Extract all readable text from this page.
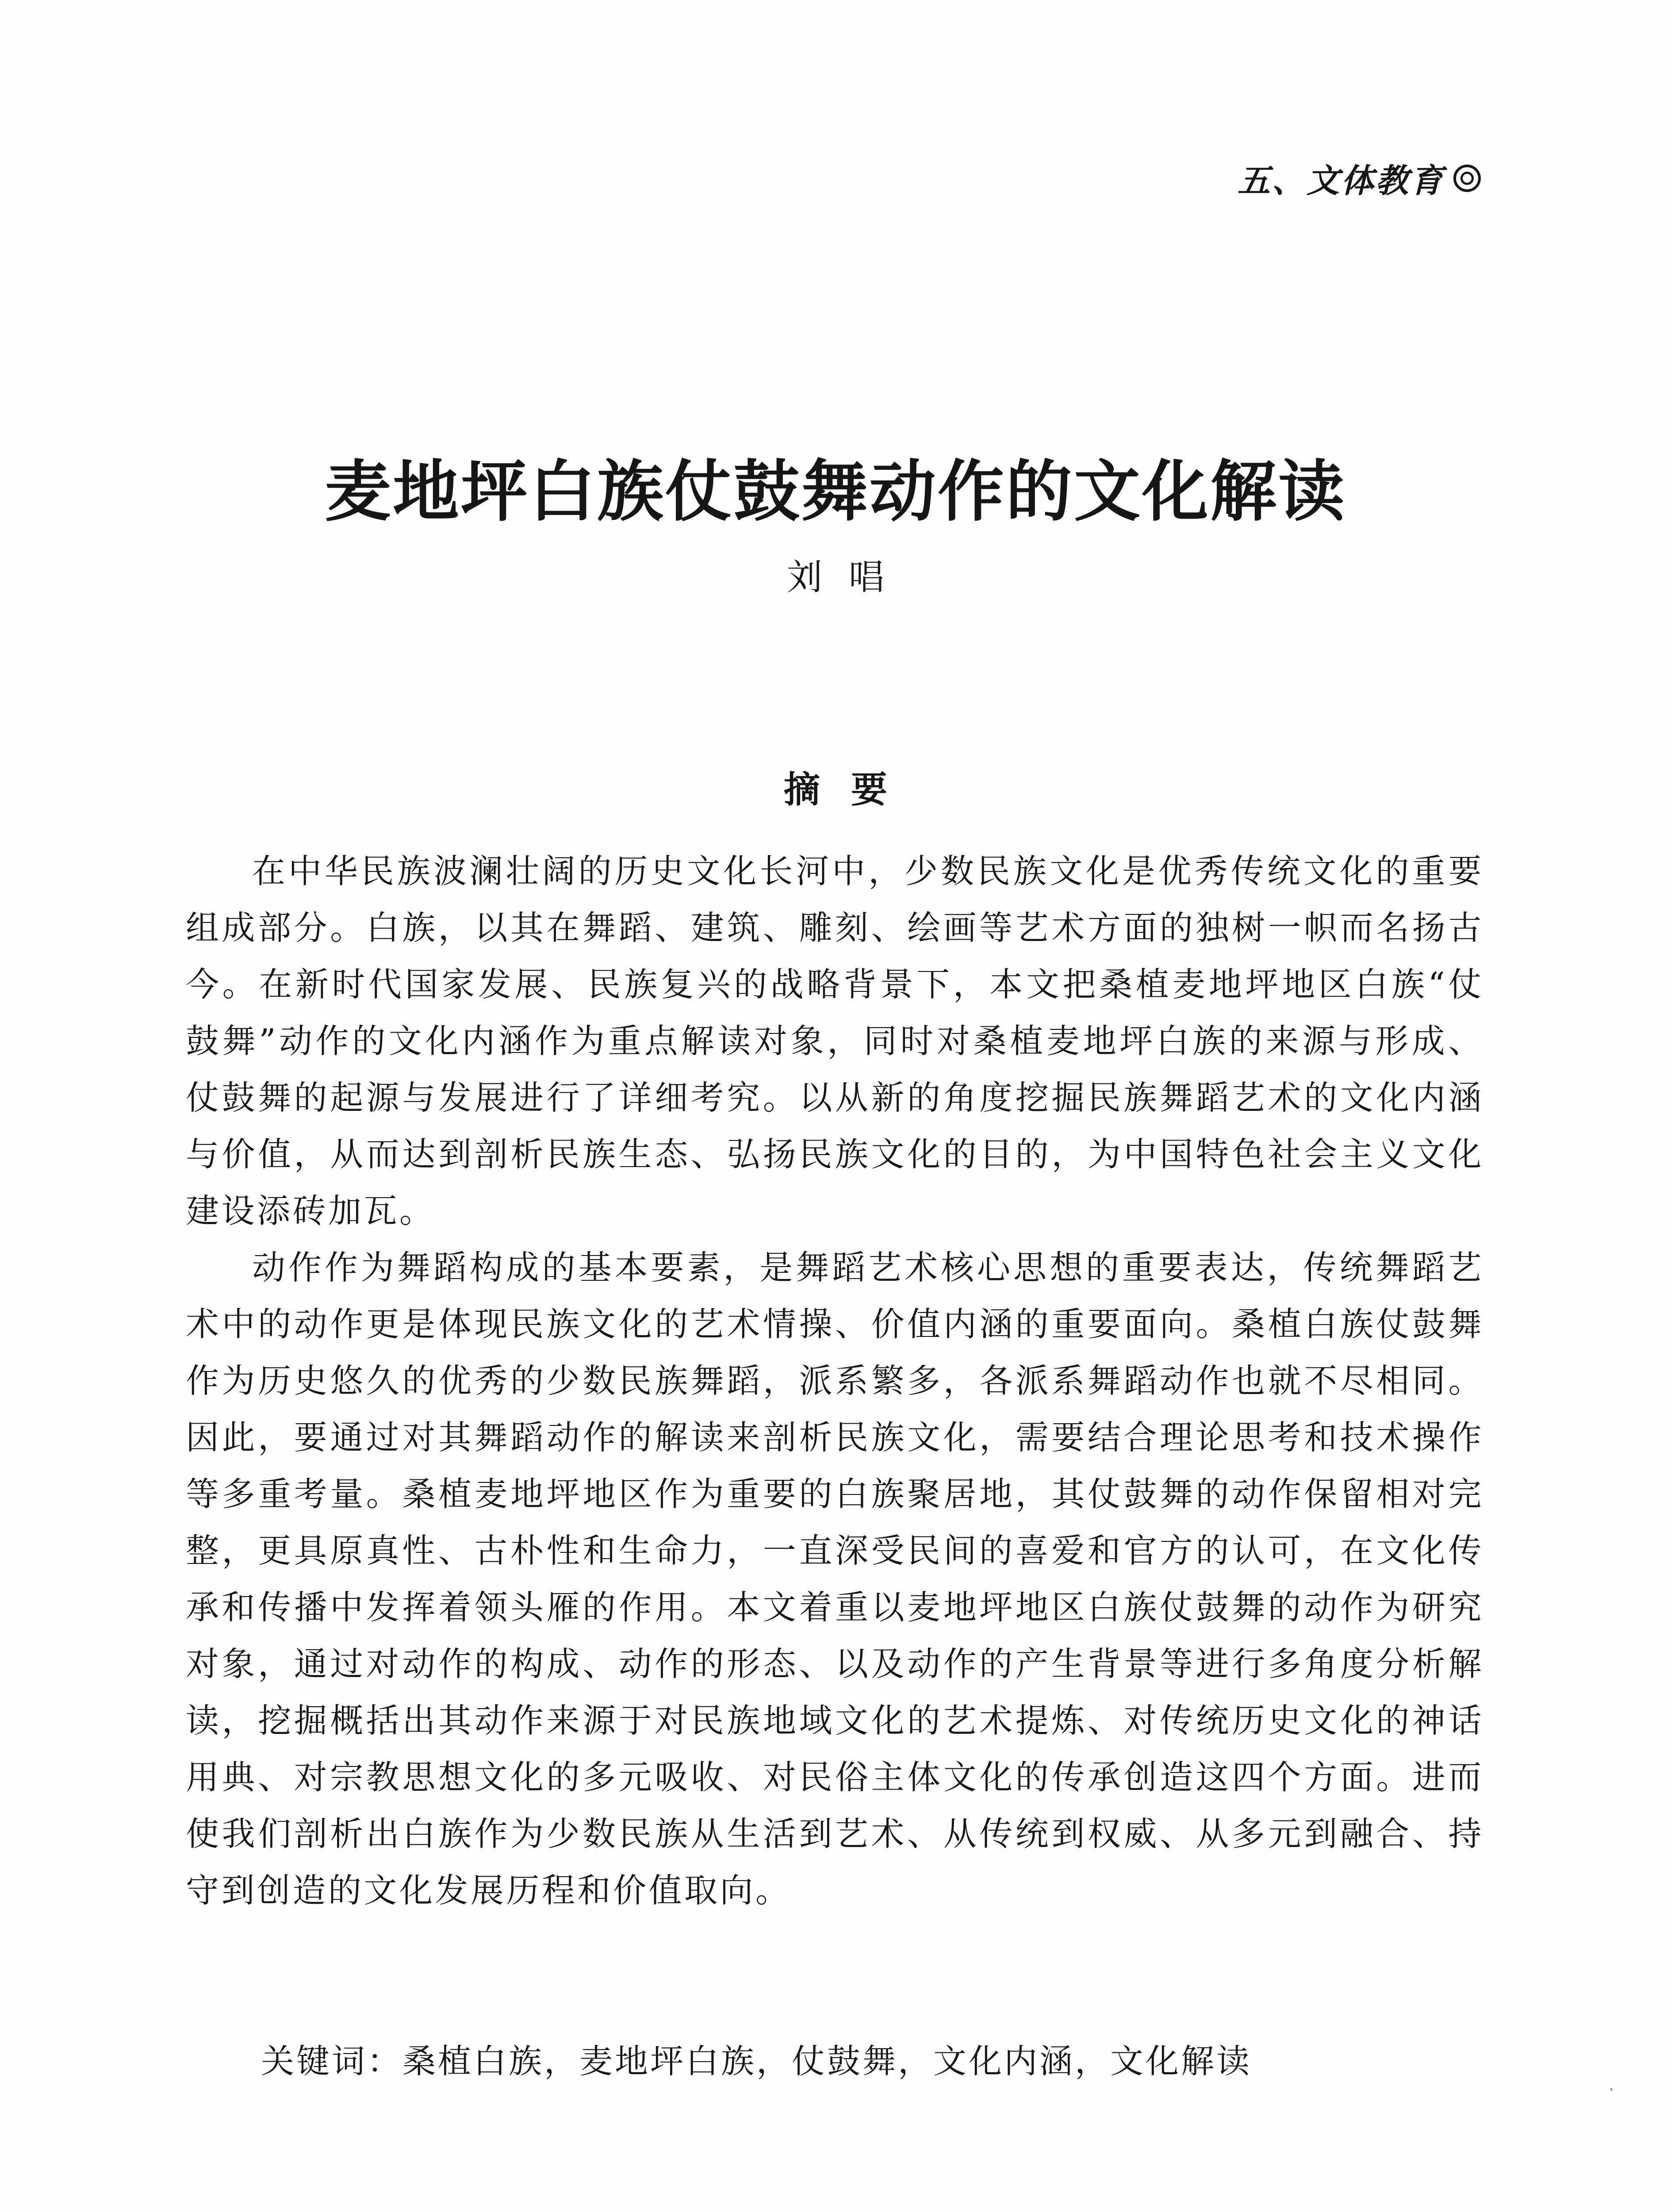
五、文体教育
麦地坪白族仗鼓舞动作的文化解读
刘唱
摘要

在中华民族波澜壮阔的历史文化长河中，少数民族文化是优秀传统文化的重要组成部分。白族，以其在舞蹈、建筑、雕刻、绘画等艺术方面的独树一帜而名扬古今。在新时代国家发展、民族复兴的战略背景下，本文把桑植麦地坪地区白族“仗鼓舞”动作的文化内涵作为重点解读对象，同时对桑植麦地坪白族的来源与形成、仗鼓舞的起源与发展进行了详细考究。以从新的角度挖掘民族舞蹈艺术的文化内涵与价值，从而达到剖析民族生态、弘扬民族文化的目的，为中国特色社会主义文化建设添砖加瓦。

动作作为舞蹈构成的基本要素，是舞蹈艺术核心思想的重要表达，传统舞蹈艺术中的动作更是体现民族文化的艺术情操、价值内涵的重要面向。桑植白族仗鼓舞作为历史悠久的优秀的少数民族舞蹈，派系繁多，各派系舞蹈动作也就不尽相同。因此，要通过对其舞蹈动作的解读来剖析民族文化，需要结合理论思考和技术操作等多重考量。桑植麦地坪地区作为重要的白族聚居地，其仗鼓舞的动作保留相对完整，更具原真性、古朴性和生命力，一直深受民间的喜爱和官方的认可，在文化传承和传播中发挥着领头雁的作用。本文着重以麦地坪地区白族仗鼓舞的动作为研究对象，通过对动作的构成、动作的形态、以及动作的产生背景等进行多角度分析解读，挖掘概括出其动作来源于对民族地域文化的艺术提炼、对传统历史文化的神话用典、对宗教思想文化的多元吸收、对民俗主体文化的传承创造这四个方面。进而使我们剖析出白族作为少数民族从生活到艺术、从传统到权威、从多元到融合、持守到创造的文化发展历程和价值取向。

关键词：桑植白族，麦地坪白族，仗鼓舞，文化内涵，文化解读
